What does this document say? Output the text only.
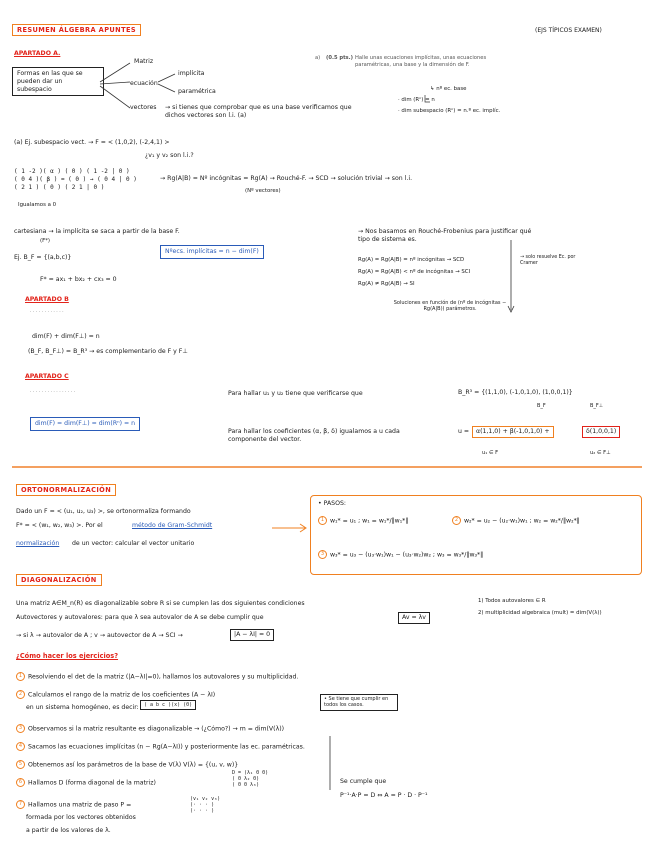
RESUMEN ÁLGEBRA APUNTES	(EJS TÍPICOS EXAMEN)
APARTADO A.
Formas en las que se pueden dar un subespacio
Matriz
ecuación
implícita
paramétrica
vectores → si tienes que comprobar que es una base verificamos que dichos vectores son l.i. (a)
a) (0.5 pts.) Halle unas ecuaciones implícitas, unas ecuaciones paramétricas, una base y la dimensión de F.
↳ nº ec. base
· dim (Rⁿ) = n
· dim subespacio (Rⁿ) = n.º ec. implíc.
(a) Ej. subespacio vect. → F = < (1,0,2), (-2,4,1) >
¿v₁ y v₂ son l.i.?
( 1 -2 )( α ) ( 0 ) ( 1 -2 | 0 )
( 0 4 )( β ) = ( 0 ) → ( 0 4 | 0 )
( 2 1 ) ( 0 ) ( 2 1 | 0 )
→ Rg(A|B) = Nº incógnitas = Rg(A) → Rouché-F. → SCD → solución trivial → son l.i.
(Nº vectores)
Igualamos a 0
cartesiana → la implícita se saca a partir de la base F.
(F*)
Ej. B_F = {(a,b,c)}
F* = ax₁ + bx₂ + cx₃ = 0
Nºecs. implícitas = n − dim(F)
→ Nos basamos en Rouché-Frobenius para justificar qué tipo de sistema es.
Rg(A) = Rg(A|B) = nº incógnitas → SCD
Rg(A) = Rg(A|B) < nº de incógnitas → SCI
Rg(A) ≠ Rg(A|B) → SI
→ solo resuelve Ec. por Cramer
Soluciones en función de (nº de incógnitas − Rg(A|B)) parámetros.
APARTADO B
· · · · · · · · · · · ·
dim(F) + dim(F⊥) = n
(B_F, B_F⊥) = B_R³ → es complementario de F y F⊥
APARTADO C
· · · · · · · · · · · · · · · ·
dim(F) = dim(F⊥) = dim(Rⁿ) = n
Para hallar u₁ y u₂ tiene que verificarse que
Para hallar los coeficientes (α, β, δ) igualamos a u cada componente del vector.
B_R³ = {(1,1,0), (-1,0,1,0), (1,0,0,1)}
B_F	B_F⊥
u =	α(1,1,0) + β(-1,0,1,0) +	δ(1,0,0,1)
u₁ ∈ F	u₂ ∈ F⊥
ORTONORMALIZACIÓN
Dado un F = < (u₁, u₂, u₃) >, se ortonormaliza formando
F* = < (w₁, w₂, w₃) >. Por el	método de Gram-Schmidt
normalización de un vector: calcular el vector unitario
• PASOS:
1 w₁* = u₁ ; w₁ = w₁*/‖w₁*‖	2 w₂* = u₂ − (u₂·w₁)w₁ ; w₂ = w₂*/‖w₂*‖
3 w₃* = u₃ − (u₃·w₁)w₁ − (u₃·w₂)w₂ ; w₃ = w₃*/‖w₃*‖
DIAGONALIZACIÓN
Una matriz A∈M_n(R) es diagonalizable sobre R si se cumplen las dos siguientes condiciones	1) Todos autovalores ∈ R
2) multiplicidad algebraica (mult) = dim(V(λ))
Autovectores y autovalores: para que λ sea autovalor de A se debe cumplir que	Av = λv
→ si λ → autovalor de A ; v → autovector de A → SCI →	|A − λI| = 0
¿Cómo hacer los ejercicios?
1 Resolviendo el det de la matriz (|A−λI|=0), hallamos los autovalores y su multiplicidad.
2 Calculamos el rango de la matriz de los coeficientes (A − λI)
en un sistema homogéneo, es decir:	( a b c )(x) (0)
• Se tiene que cumplir en todos los casos.
3 Observamos si la matriz resultante es diagonalizable → (¿Cómo?) → m = dim(V(λ))
4 Sacamos las ecuaciones implícitas (n − Rg(A−λI)) y posteriormente las ec. paramétricas.
5 Obtenemos así los parámetros de la base de V(λ) V(λ) = {(u, v, w)}
6 Hallamos D (forma diagonal de la matriz)
D = (λ₁ 0 0)
( 0 λ₂ 0)
( 0 0 λ₃)
7 Hallamos una matriz de paso P =
(v₁ v₂ v₃)
(· · · )
(· · · )
formada por los vectores obtenidos
a partir de los valores de λ.
Se cumple que
P⁻¹·A·P = D ⇔ A = P · D · P⁻¹
